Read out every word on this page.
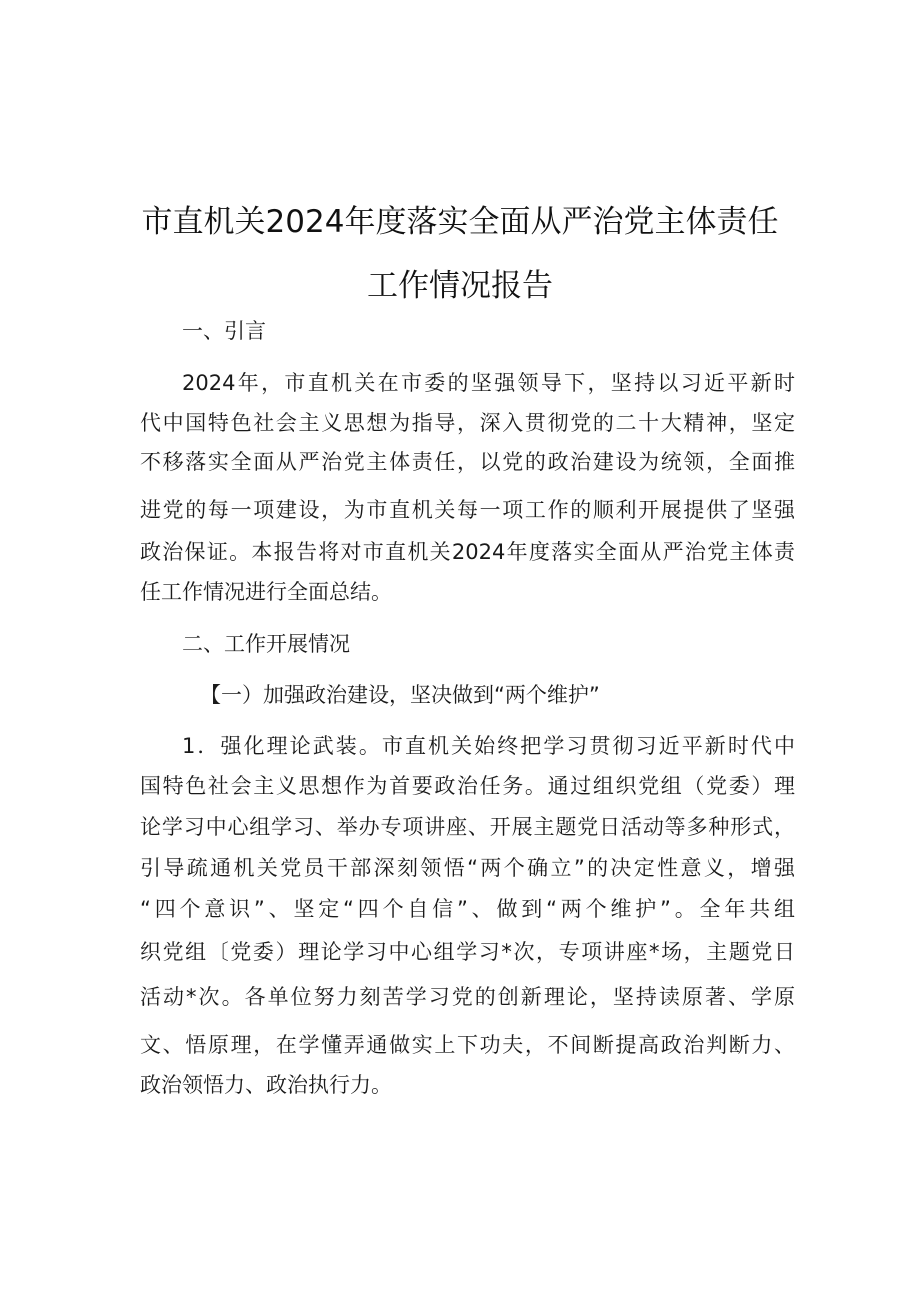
市直机关2024年度落实全面从严治党主体责任
工作情况报告
一、引言
2024年，市直机关在市委的坚强领导下，坚持以习近平新时
代中国特色社会主义思想为指导，深入贯彻党的二十大精神，坚定
不移落实全面从严治党主体责任，以党的政治建设为统领，全面推
进党的每一项建设，为市直机关每一项工作的顺利开展提供了坚强
政治保证。本报告将对市直机关2024年度落实全面从严治党主体责
任工作情况进行全面总结。
二、工作开展情况
【一）加强政治建设，坚决做到“两个维护”
1．强化理论武装。市直机关始终把学习贯彻习近平新时代中
国特色社会主义思想作为首要政治任务。通过组织党组（党委）理
论学习中心组学习、举办专项讲座、开展主题党日活动等多种形式，
引导疏通机关党员干部深刻领悟“两个确立”的决定性意义，增强
“四个意识”、坚定“四个自信”、做到“两个维护”。全年共组
织党组〔党委）理论学习中心组学习*次，专项讲座*场，主题党日
活动*次。各单位努力刻苦学习党的创新理论，坚持读原著、学原
文、悟原理，在学懂弄通做实上下功夫，不间断提高政治判断力、
政治领悟力、政治执行力。
